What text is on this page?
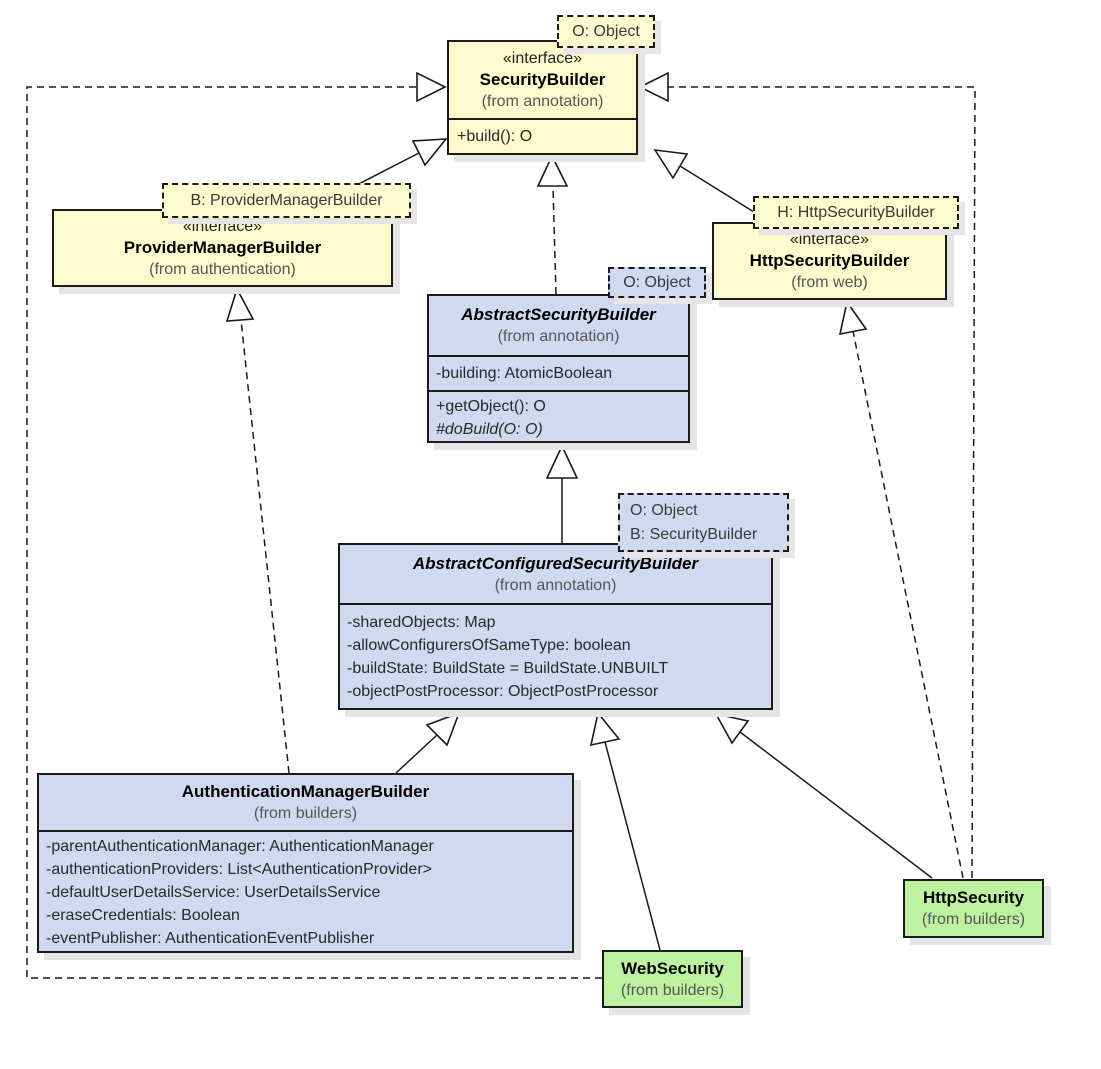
«interface»
SecurityBuilder
(from annotation)
+build(): O
O: Object
«interface»
ProviderManagerBuilder
(from authentication)
B: ProviderManagerBuilder
«interface»
HttpSecurityBuilder
(from web)
H: HttpSecurityBuilder
AbstractSecurityBuilder
(from annotation)
-building: AtomicBoolean
+getObject(): O
#doBuild(O: O)
O: Object
AbstractConfiguredSecurityBuilder
(from annotation)
-sharedObjects: Map
-allowConfigurersOfSameType: boolean
-buildState: BuildState = BuildState.UNBUILT
-objectPostProcessor: ObjectPostProcessor
O: Object
B: SecurityBuilder
AuthenticationManagerBuilder
(from builders)
-parentAuthenticationManager: AuthenticationManager
-authenticationProviders: List<AuthenticationProvider>
-defaultUserDetailsService: UserDetailsService
-eraseCredentials: Boolean
-eventPublisher: AuthenticationEventPublisher
WebSecurity
(from builders)
HttpSecurity
(from builders)
